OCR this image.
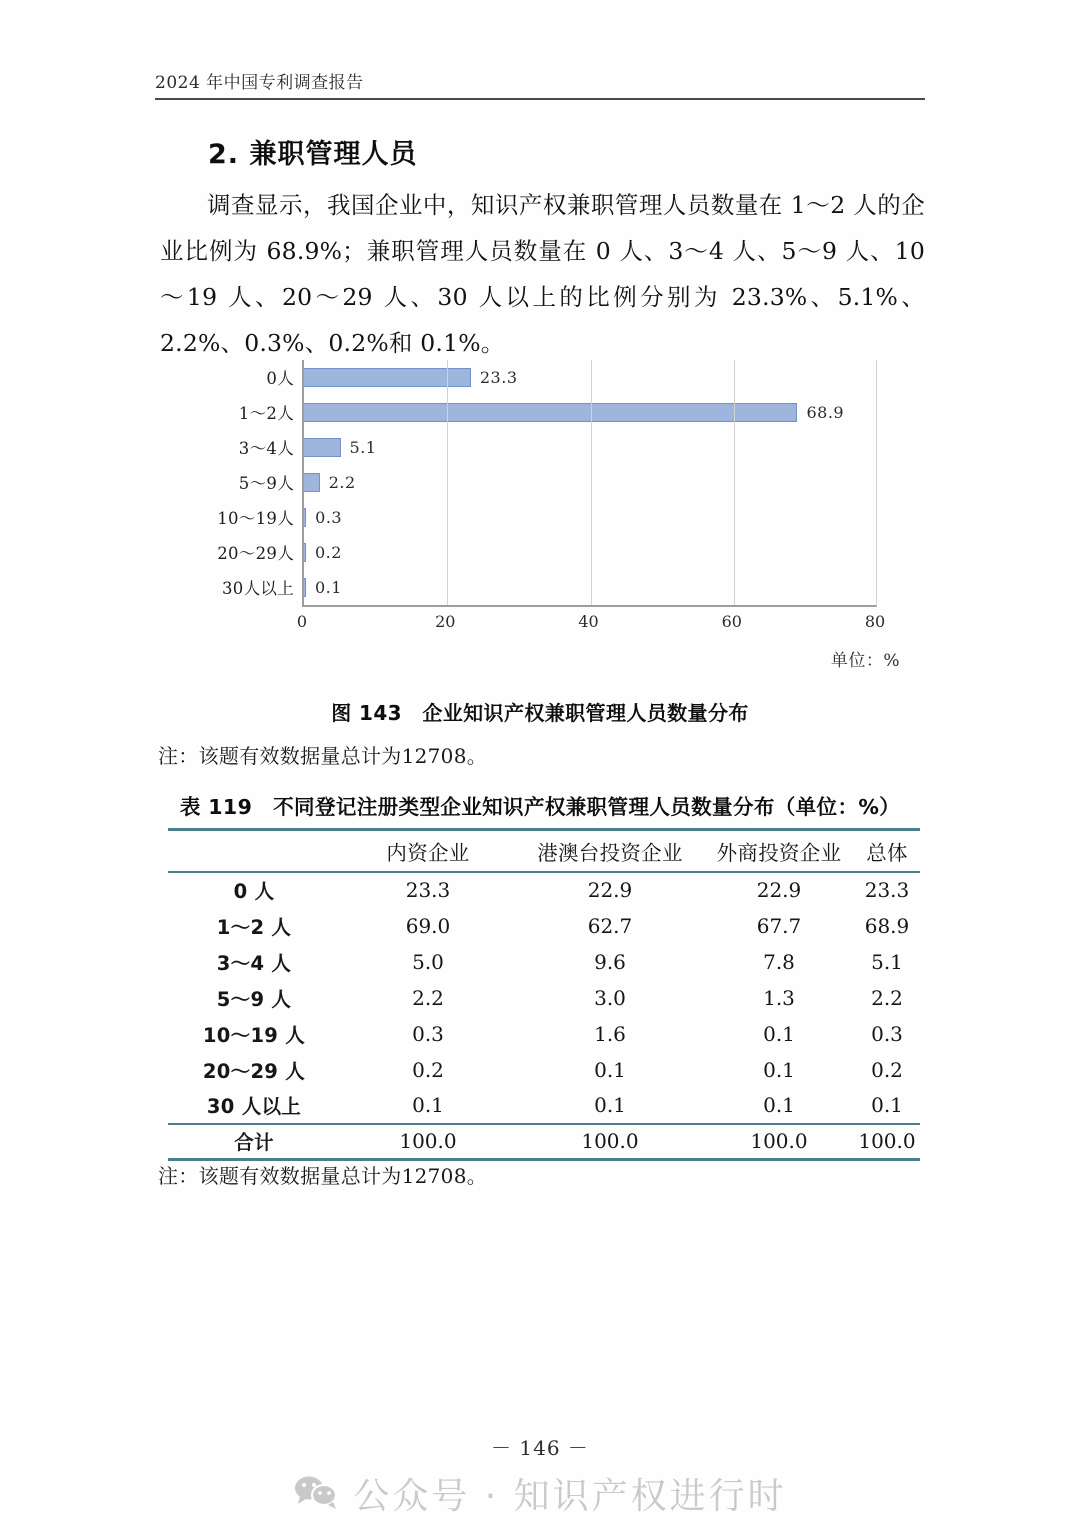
2024 年中国专利调查报告
2. 兼职管理人员
调查显示，我国企业中，知识产权兼职管理人员数量在 1～2 人的企业比例为 68.9%；兼职管理人员数量在 0 人、3～4 人、5～9 人、10～19 人、20～29 人、30 人以上的比例分别为 23.3%、5.1%、2.2%、0.3%、0.2%和 0.1%。
23.3
68.9
5.1
2.2
0.3
0.2
0.1
0人
1～2人
3～4人
5～9人
10～19人
20～29人
30人以上
0	20	40	60	80
单位：%
图 143　企业知识产权兼职管理人员数量分布
注：该题有效数据量总计为12708。
表 119　不同登记注册类型企业知识产权兼职管理人员数量分布（单位：%）
	内资企业	港澳台投资企业	外商投资企业	总体
0 人	23.3	22.9	22.9	23.3
1～2 人	69.0	62.7	67.7	68.9
3～4 人	5.0	9.6	7.8	5.1
5～9 人	2.2	3.0	1.3	2.2
10～19 人	0.3	1.6	0.1	0.3
20～29 人	0.2	0.1	0.1	0.2
30 人以上	0.1	0.1	0.1	0.1
合计	100.0	100.0	100.0	100.0
注：该题有效数据量总计为12708。
－ 146 －
公众号 · 知识产权进行时
